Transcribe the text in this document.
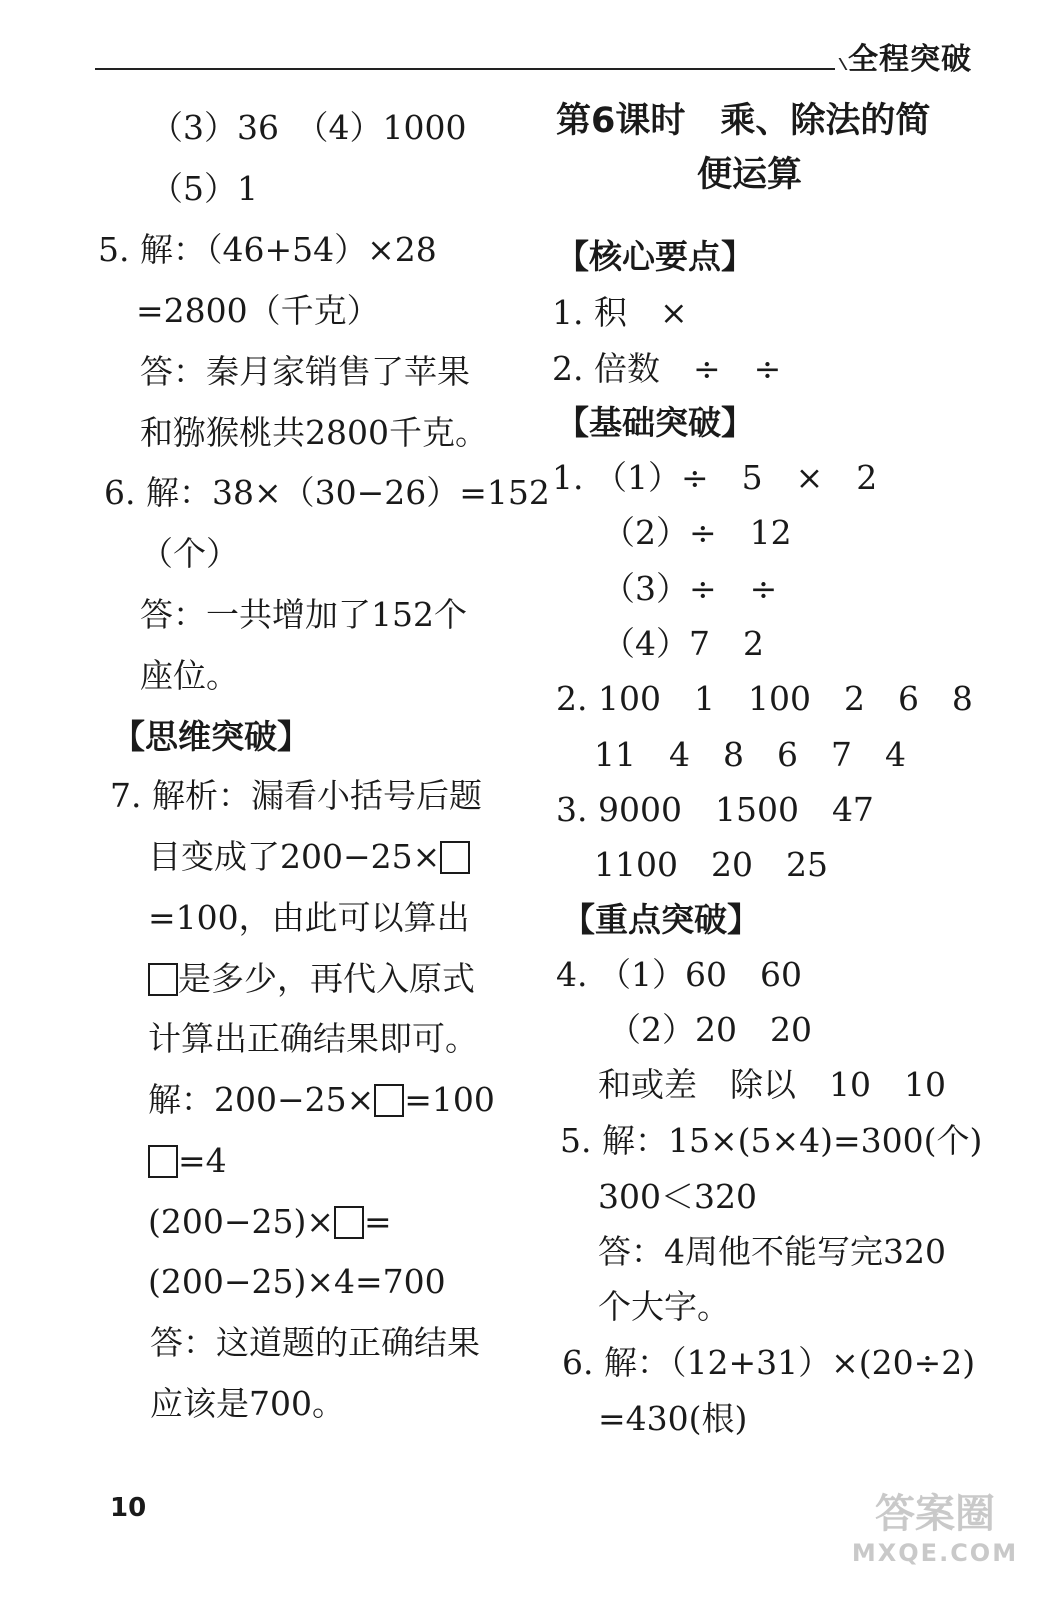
全程突破
（3）36　（4）1000
（5）1
5. 解：（46+54）×28
=2800（千克）
答：秦月家销售了苹果
和猕猴桃共2800千克。
6. 解：38×（30−26）=152
（个）
答：一共增加了152个
座位。
【思维突破】
7. 解析：漏看小括号后题
目变成了200−25×
=100，由此可以算出
是多少，再代入原式
计算出正确结果即可。
解：200−25× =100
=4
(200−25)× =
(200−25)×4=700
答：这道题的正确结果
应该是700。
第6课时　乘、除法的简
便运算
【核心要点】
1. 积　×
2. 倍数　÷　÷
【基础突破】
1. （1）÷　5　×　2
（2）÷　12
（3）÷　÷
（4）7　2
2. 100　1　100　2　6　8
11　4　8　6　7　4
3. 9000　1500　47
1100　20　25
【重点突破】
4. （1）60　60
（2）20　20
和或差　除以　10　10
5. 解：15×(5×4)=300(个)
300＜320
答：4周他不能写完320
个大字。
6. 解：（12+31）×(20÷2)
=430(根)
10	答案圈
MXQE.COM
